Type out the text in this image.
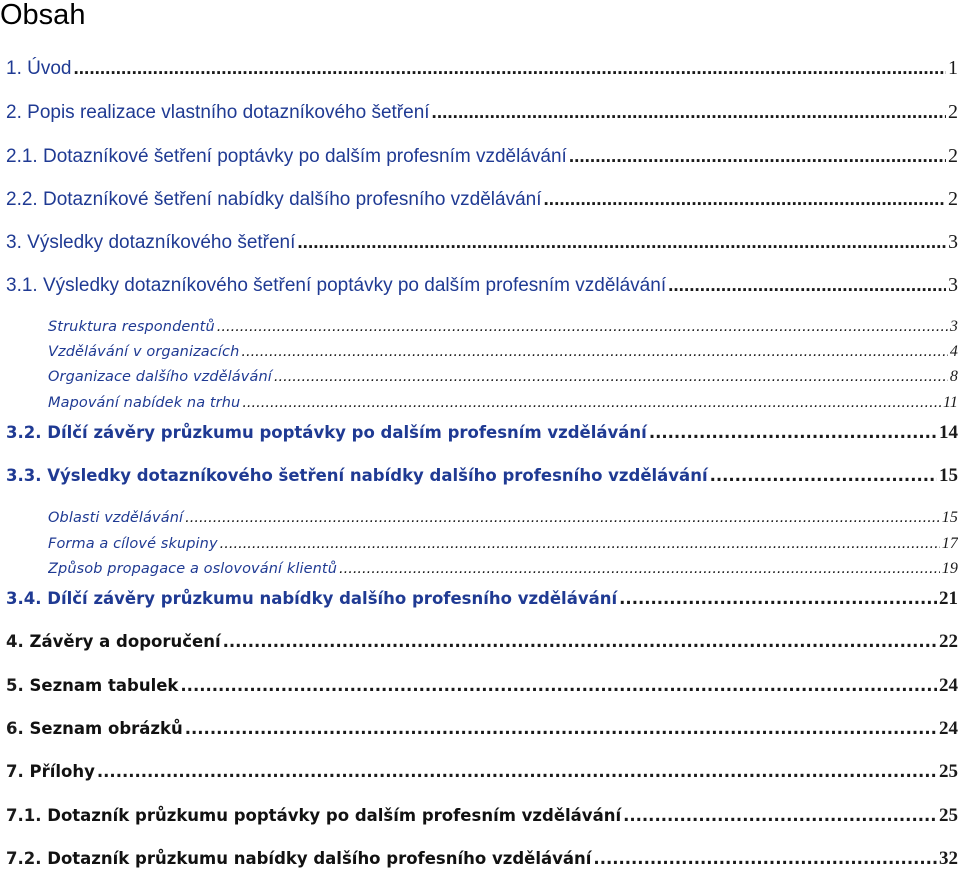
Obsah
1.
Úvod .....	1
2.
Popis realizace vlastního dotazníkového šetření .....	2
2.1.
Dotazníkové šetření poptávky po dalším profesním vzdělávání .....	2
2.2.
Dotazníkové šetření nabídky dalšího profesního vzdělávání .....	2
3.
Výsledky dotazníkového šetření .....	3
3.1.
Výsledky dotazníkového šetření poptávky po dalším profesním vzdělávání .....	3
Struktura respondentů .....	3
Vzdělávání v organizacích .....	4
Organizace dalšího vzdělávání .....	8
Mapování nabídek na trhu .....	11
3.2.
Dílčí závěry průzkumu poptávky po dalším profesním vzdělávání .....	14
3.3.
Výsledky dotazníkového šetření nabídky dalšího profesního vzdělávání .....	15
Oblasti vzdělávání .....	15
Forma a cílové skupiny .....	17
Způsob propagace a oslovování klientů .....	19
3.4.
Dílčí závěry průzkumu nabídky dalšího profesního vzdělávání .....	21
4.
Závěry a doporučení .....	22
5.
Seznam tabulek .....	24
6.
Seznam obrázků .....	24
7.
Přílohy .....	25
7.1.
Dotazník průzkumu poptávky po dalším profesním vzdělávání .....	25
7.2.
Dotazník průzkumu nabídky dalšího profesního vzdělávání .....	32
